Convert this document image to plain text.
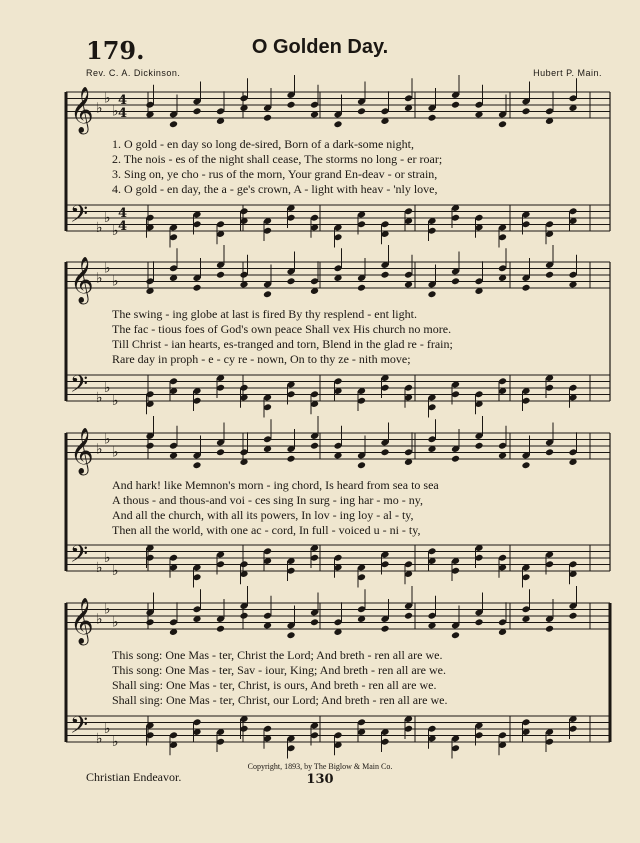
179.	O Golden Day.
Rev. C. A. Dickinson.	Hubert P. Main.
𝄞
𝄢
♭
♭
♭
♭
♭
♭
4
4
4
4
𝄞
𝄢
♭
♭
♭
♭
♭
♭
𝄞
𝄢
♭
♭
♭
♭
♭
♭
𝄞
𝄢
♭
♭
♭
♭
♭
♭
1. O gold - en day so long de-sired, Born of a dark-some night,
2. The nois - es of the night shall cease, The storms no long - er roar;
3. Sing on, ye cho - rus of the morn, Your grand En-deav - or strain,
4. O gold - en day, the a - ge's crown, A - light with heav - 'nly love,
The swing - ing globe at last is fired By thy resplend - ent light.
The fac - tious foes of God's own peace Shall vex His church no more.
Till Christ - ian hearts, es-tranged and torn, Blend in the glad re - frain;
Rare day in proph - e - cy re - nown, On to thy ze - nith move;
And hark! like Memnon's morn - ing chord, Is heard from sea to sea
A thous - and thous-and voi - ces sing In surg - ing har - mo - ny,
And all the church, with all its powers, In lov - ing loy - al - ty,
Then all the world, with one ac - cord, In full - voiced u - ni - ty,
This song: One Mas - ter, Christ the Lord; And breth - ren all are we.
This song: One Mas - ter, Sav - iour, King; And breth - ren all are we.
Shall sing: One Mas - ter, Christ, is ours, And breth - ren all are we.
Shall sing: One Mas - ter, Christ, our Lord; And breth - ren all are we.
Christian Endeavor.
Copyright, 1893, by The Biglow & Main Co.
130
